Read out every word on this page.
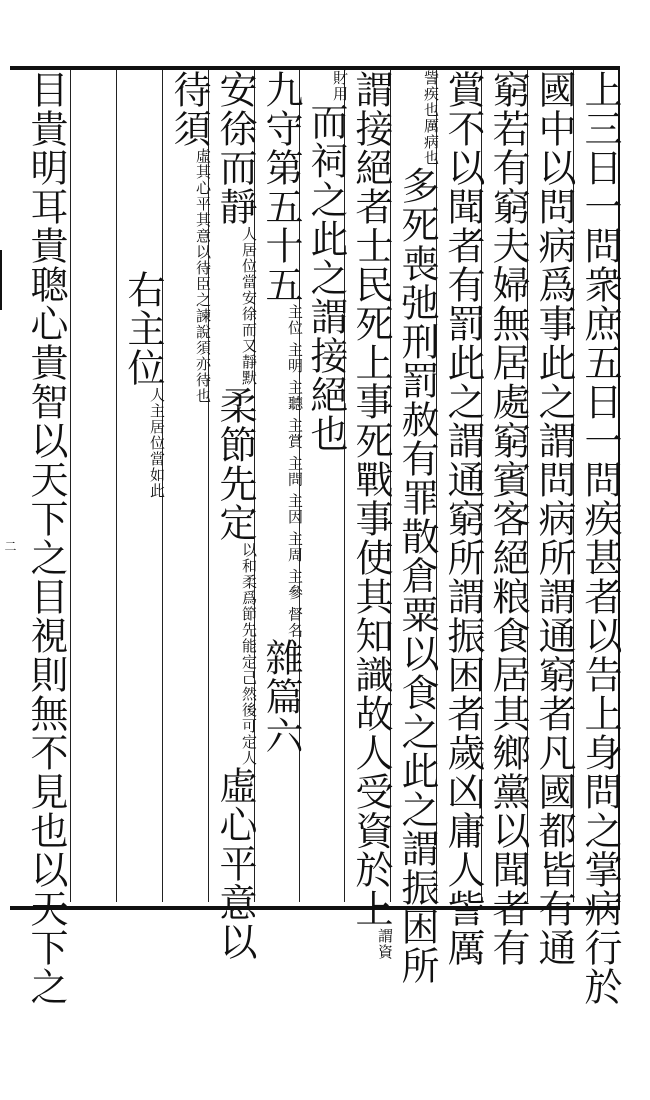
上三日一問衆庶五日一問疾甚者以告上身問之掌病行於
國中以問病爲事此之謂問病所謂通窮者凡國都皆有通
窮若有窮夫婦無居處窮賓客絕粮食居其鄉黨以聞者有
賞不以聞者有罰此之謂通窮所謂振困者歲凶庸人訾厲
訾疾也厲病也多死喪弛刑罰赦有罪散倉粟以食之此之謂振困所
謂接絕者士民死上事死戰事使其知識故人受資於上謂資
財用而祠之此之謂接絕也
九守第五十五主位 主明 主聽 主賞 主問 主因 主周 主參 督名雜篇六
安徐而靜人居位當安徐而又靜默柔節先定以和柔爲節先能定己然後可定人虛心平意以
待須虛其心平其意以待臣之諫說須亦待也
右主位人主居位當如此
目貴明耳貴聰心貴智以天下之目視則無不見也以天下之
二
